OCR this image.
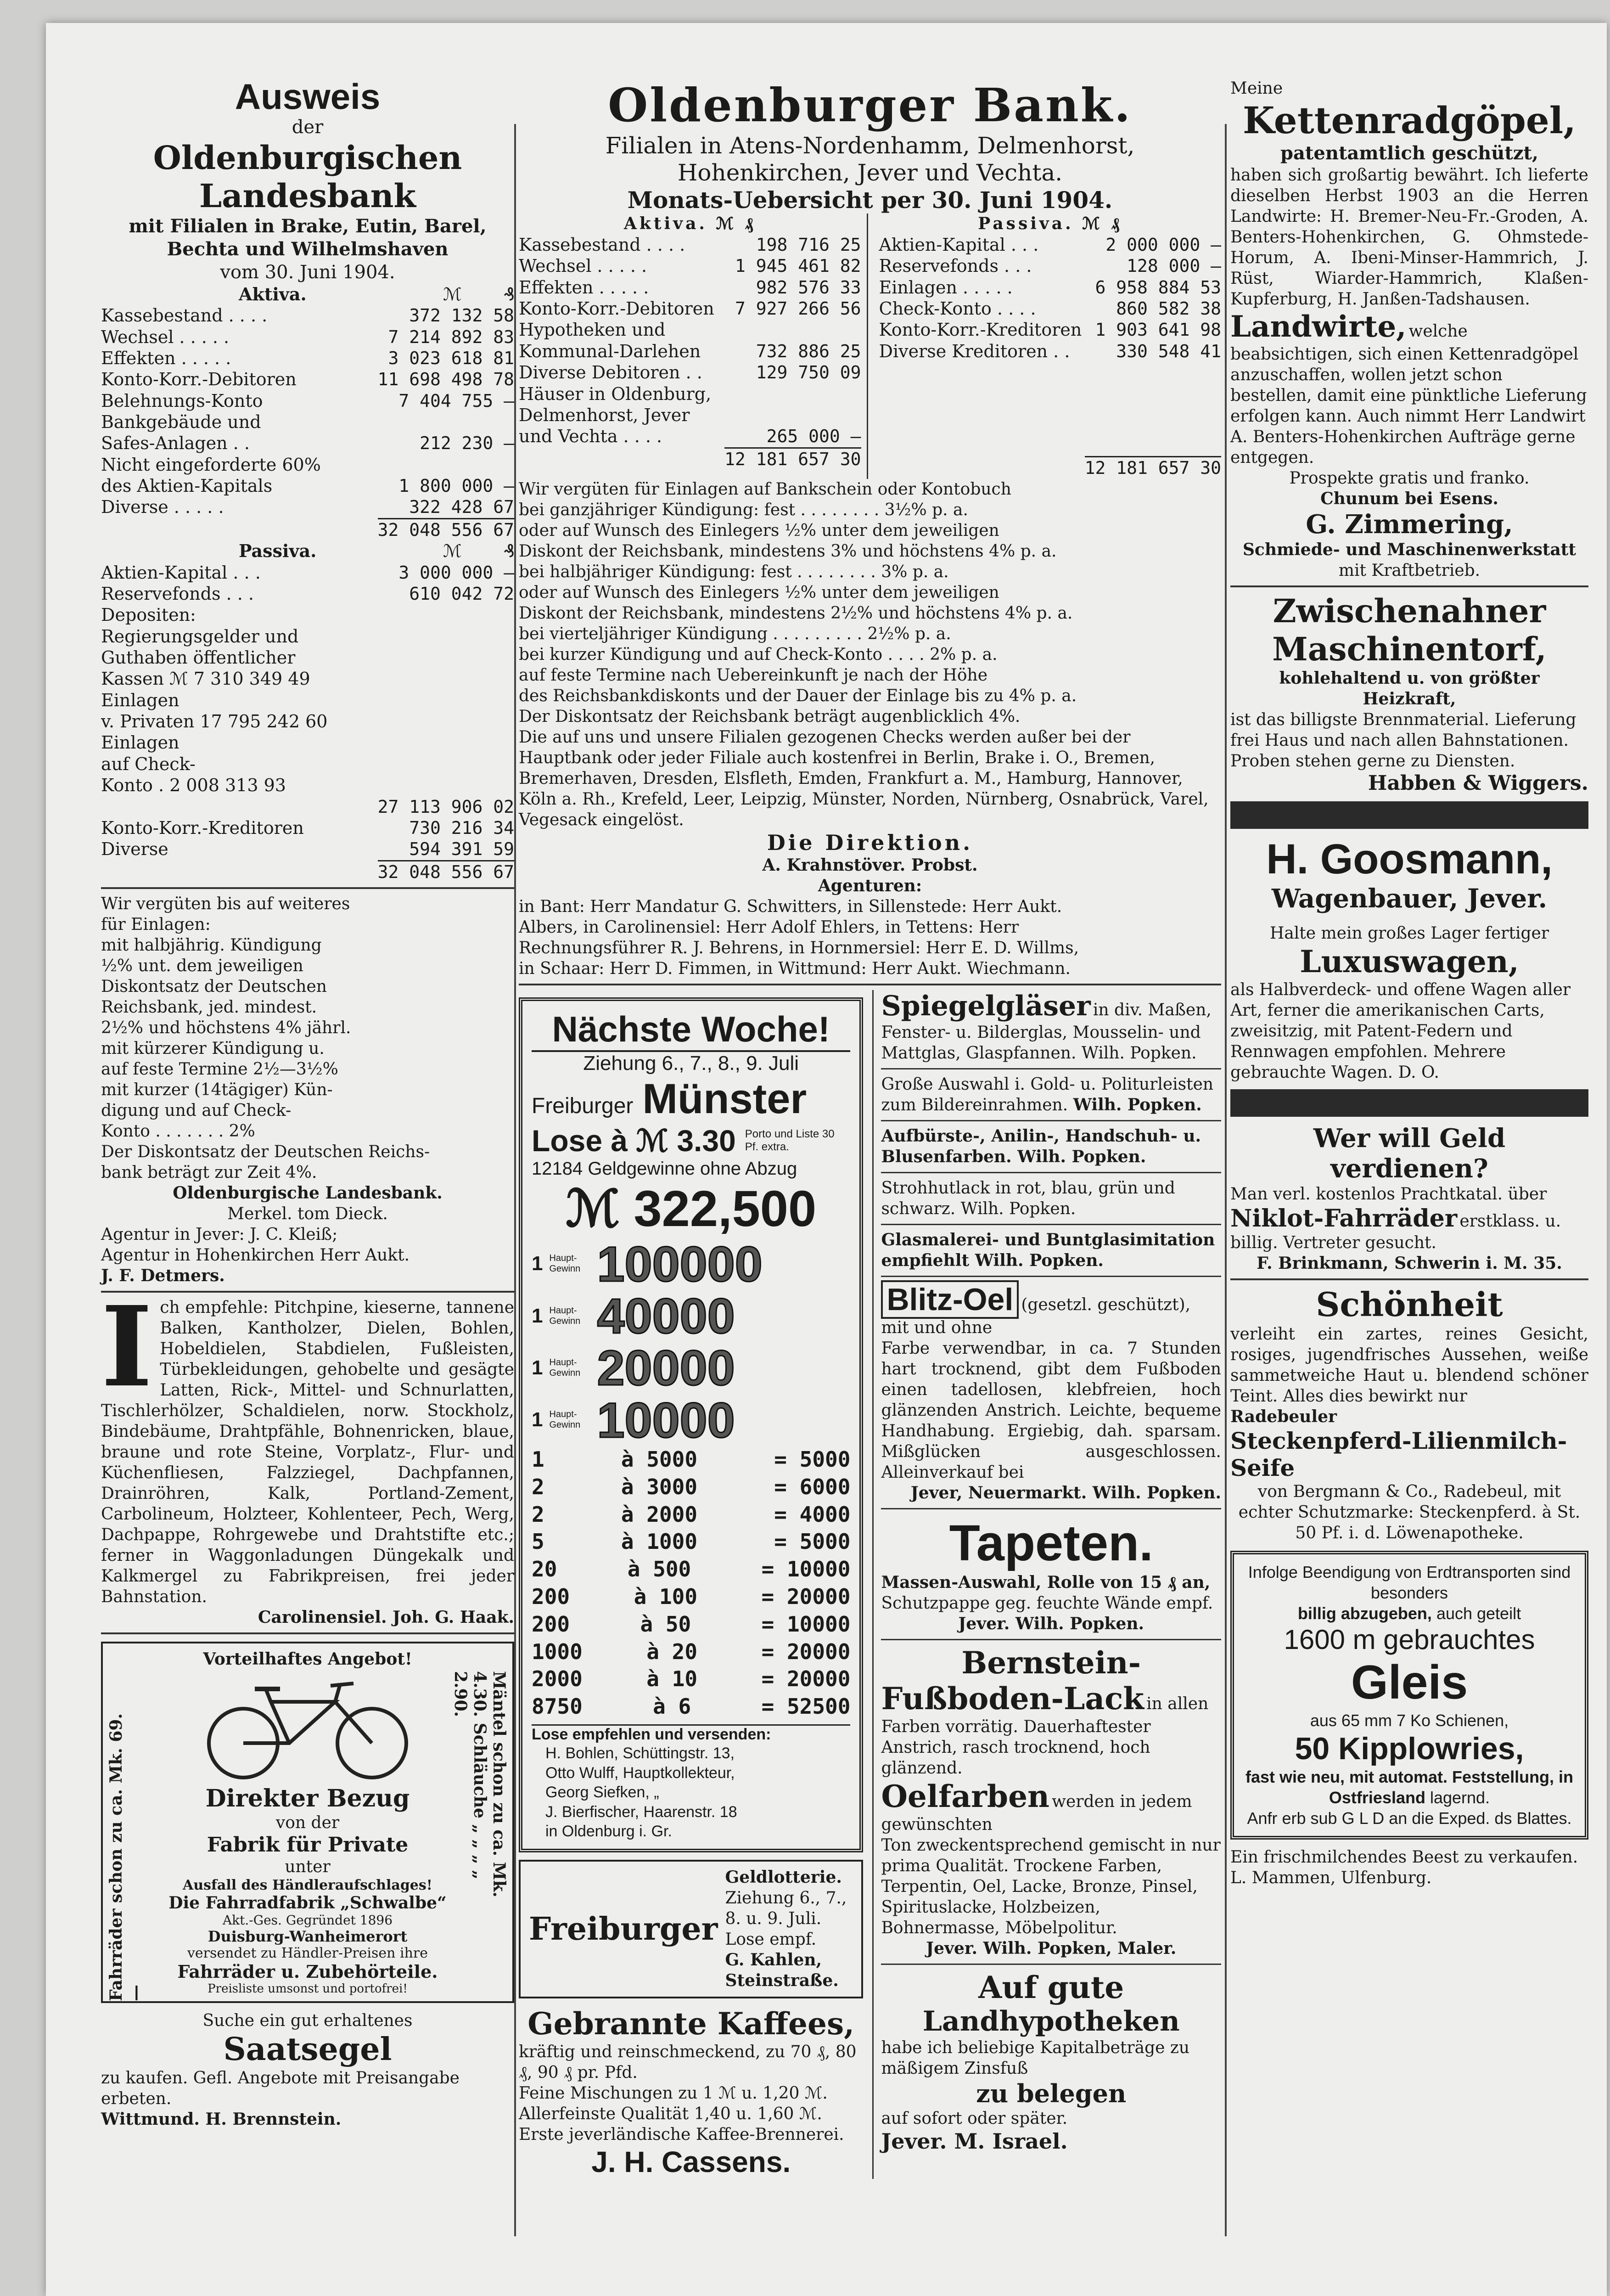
Ausweis
der
Oldenburgischen Landesbank
mit Filialen in Brake, Eutin, Barel, Bechta und Wilhelmshaven
vom 30. Juni 1904.
Aktiva.	ℳ    ₰
Kassebestand . . . .	372 132 58
Wechsel . . . . .	7 214 892 83
Effekten . . . . .	3 023 618 81
Konto-Korr.-Debitoren	11 698 498 78
Belehnungs-Konto	7 404 755 —
Bankgebäude und
Safes-Anlagen . .	212 230 —
Nicht eingeforderte 60%
des Aktien-Kapitals	1 800 000 —
Diverse . . . . .	322 428 67
32 048 556 67
Passiva.	ℳ    ₰
Aktien-Kapital . . .	3 000 000 —
Reservefonds . . .	610 042 72
Depositen:
Regierungsgelder und
Guthaben öffentlicher
Kassen ℳ 7 310 349 49
Einlagen
v. Privaten 17 795 242 60
Einlagen
auf Check-
Konto . 2 008 313 93
27 113 906 02
Konto-Korr.-Kreditoren	730 216 34
Diverse	594 391 59
32 048 556 67
Wir vergüten bis auf weiteres
für Einlagen:
mit halbjährig. Kündigung
½% unt. dem jeweiligen
Diskontsatz der Deutschen
Reichsbank, jed. mindest.
2½% und höchstens 4% jährl.
mit kürzerer Kündigung u.
auf feste Termine 2½—3½%
mit kurzer (14tägiger) Kün-
digung und auf Check-
Konto . . . . . . . 2%
Der Diskontsatz der Deutschen Reichs-
bank beträgt zur Zeit 4%.
Oldenburgische Landesbank.
Merkel. tom Dieck.
Agentur in Jever: J. C. Kleiß;
Agentur in Hohenkirchen Herr Aukt.
J. F. Detmers.
I ch empfehle: Pitchpine, kieserne, tannene Balken, Kantholzer, Dielen, Bohlen, Hobeldielen, Stabdielen, Fußleisten, Türbekleidungen, gehobelte und gesägte Latten, Rick-, Mittel- und Schnurlatten, Tischlerhölzer, Schaldielen, norw. Stockholz, Bindebäume, Drahtpfähle, Bohnenricken, blaue, braune und rote Steine, Vorplatz-, Flur- und Küchenfliesen, Falzziegel, Dachpfannen, Drainröhren, Kalk, Portland-Zement, Carbolineum, Holzteer, Kohlenteer, Pech, Werg, Dachpappe, Rohrgewebe und Drahtstifte etc.; ferner in Waggonladungen Düngekalk und Kalkmergel zu Fabrikpreisen, frei jeder Bahnstation.
Carolinensiel. Joh. G. Haak.
Fahrräder schon zu ca. Mk. 69.—
Mäntel schon zu ca. Mk. 4.30. Schläuche „ „ „ „ 2.90.
Vorteilhaftes Angebot!
Direkter Bezug
von der
Fabrik für Private
unter
Ausfall des Händleraufschlages!
Die Fahrradfabrik „Schwalbe“
Akt.-Ges. Gegründet 1896
Duisburg-Wanheimerort
versendet zu Händler-Preisen ihre
Fahrräder u. Zubehörteile.
Preisliste umsonst und portofrei!
Suche ein gut erhaltenes
Saatsegel
zu kaufen. Gefl. Angebote mit Preisangabe erbeten.
Wittmund. H. Brennstein.
Oldenburger Bank.
Filialen in Atens-Nordenhamm, Delmenhorst, Hohenkirchen, Jever und Vechta.
Monats-Uebersicht per 30. Juni 1904.
Aktiva. ℳ ₰
Kassebestand . . . .	198 716 25
Wechsel . . . . .	1 945 461 82
Effekten . . . . .	982 576 33
Konto-Korr.-Debitoren	7 927 266 56
Hypotheken und
Kommunal-Darlehen	732 886 25
Diverse Debitoren . .	129 750 09
Häuser in Oldenburg,
Delmenhorst, Jever
und Vechta . . . .	265 000 —
12 181 657 30
Passiva. ℳ ₰
Aktien-Kapital . . .	2 000 000 —
Reservefonds . . .	128 000 —
Einlagen . . . . .	6 958 884 53
Check-Konto . . . .	860 582 38
Konto-Korr.-Kreditoren 1 903 641 98
Diverse Kreditoren . .	330 548 41
12 181 657 30
Wir vergüten für Einlagen auf Bankschein oder Kontobuch
bei ganzjähriger Kündigung: fest . . . . . . . . 3½% p. a.
oder auf Wunsch des Einlegers ½% unter dem jeweiligen
Diskont der Reichsbank, mindestens 3% und höchstens 4% p. a.
bei halbjähriger Kündigung: fest . . . . . . . . 3% p. a.
oder auf Wunsch des Einlegers ½% unter dem jeweiligen
Diskont der Reichsbank, mindestens 2½% und höchstens 4% p. a.
bei vierteljähriger Kündigung . . . . . . . . . 2½% p. a.
bei kurzer Kündigung und auf Check-Konto . . . . 2% p. a.
auf feste Termine nach Uebereinkunft je nach der Höhe
des Reichsbankdiskonts und der Dauer der Einlage bis zu 4% p. a.
Der Diskontsatz der Reichsbank beträgt augenblicklich 4%.
Die auf uns und unsere Filialen gezogenen Checks werden außer bei der Hauptbank oder jeder Filiale auch kostenfrei in Berlin, Brake i. O., Bremen, Bremerhaven, Dresden, Elsfleth, Emden, Frankfurt a. M., Hamburg, Hannover, Köln a. Rh., Krefeld, Leer, Leipzig, Münster, Norden, Nürnberg, Osnabrück, Varel, Vegesack eingelöst.
Die Direktion.
A. Krahnstöver. Probst.
Agenturen:
in Bant: Herr Mandatur G. Schwitters, in Sillenstede: Herr Aukt.
Albers, in Carolinensiel: Herr Adolf Ehlers, in Tettens: Herr
Rechnungsführer R. J. Behrens, in Hornmersiel: Herr E. D. Willms,
in Schaar: Herr D. Fimmen, in Wittmund: Herr Aukt. Wiechmann.
Nächste Woche!
Ziehung 6., 7., 8., 9. Juli
Freiburger Münster
Lose à ℳ 3.30 Porto und Liste 30 Pf. extra.
12184 Geldgewinne ohne Abzug
ℳ 322,500
1 Haupt-Gewinn 100000
1 Haupt-Gewinn 40000
1 Haupt-Gewinn 20000
1 Haupt-Gewinn 10000
1	à 5000	= 5000
2	à 3000	= 6000
2	à 2000	= 4000
5	à 1000	= 5000
20	à 500	= 10000
200	à 100	= 20000
200	à 50	= 10000
1000	à 20	= 20000
2000	à 10	= 20000
8750	à 6	= 52500
Lose empfehlen und versenden:
H. Bohlen, Schüttingstr. 13,
Otto Wulff, Hauptkollekteur,
Georg Siefken, „
J. Bierfischer, Haarenstr. 18
in Oldenburg i. Gr.
Freiburger
Geldlotterie.
Ziehung 6., 7., 8. u. 9. Juli. Lose empf.
G. Kahlen, Steinstraße.
Gebrannte Kaffees,
kräftig und reinschmeckend, zu 70 ₰, 80 ₰, 90 ₰ pr. Pfd.
Feine Mischungen zu 1 ℳ u. 1,20 ℳ.
Allerfeinste Qualität 1,40 u. 1,60 ℳ.
Erste jeverländische Kaffee-Brennerei.
J. H. Cassens.
Spiegelgläser in div. Maßen, Fenster- u. Bilderglas, Mousselin- und Mattglas, Glaspfannen. Wilh. Popken.
Große Auswahl i. Gold- u. Politurleisten zum Bildereinrahmen. Wilh. Popken.
Aufbürste-, Anilin-, Handschuh- u. Blusenfarben. Wilh. Popken.
Strohhutlack in rot, blau, grün und schwarz. Wilh. Popken.
Glasmalerei- und Buntglasimitation empfiehlt Wilh. Popken.
Blitz-Oel (gesetzl. geschützt), mit und ohne
Farbe verwendbar, in ca. 7 Stunden hart trocknend, gibt dem Fußboden einen tadellosen, klebfreien, hoch glänzenden Anstrich. Leichte, bequeme Handhabung. Ergiebig, dah. sparsam. Mißglücken ausgeschlossen. Alleinverkauf bei
Jever, Neuermarkt. Wilh. Popken.
Tapeten.
Massen-Auswahl, Rolle von 15 ₰ an,
Schutzpappe geg. feuchte Wände empf.
Jever. Wilh. Popken.
Bernstein-
Fußboden-Lack in allen
Farben vorrätig. Dauerhaftester Anstrich, rasch trocknend, hoch glänzend.
Oelfarben werden in jedem gewünschten
Ton zweckentsprechend gemischt in nur prima Qualität. Trockene Farben, Terpentin, Oel, Lacke, Bronze, Pinsel, Spirituslacke, Holzbeizen, Bohnermasse, Möbelpolitur.
Jever. Wilh. Popken, Maler.
Auf gute
Landhypotheken
habe ich beliebige Kapitalbeträge zu mäßigem Zinsfuß
zu belegen
auf sofort oder später.
Jever. M. Israel.
Meine
Kettenradgöpel,
patentamtlich geschützt,
haben sich großartig bewährt. Ich lieferte dieselben Herbst 1903 an die Herren Landwirte: H. Bremer-Neu-Fr.-Groden, A. Benters-Hohenkirchen, G. Ohmstede-Horum, A. Ibeni-Minser-Hammrich, J. Rüst, Wiarder-Hammrich, Klaßen-Kupferburg, H. Janßen-Tadshausen.
Landwirte, welche beabsichtigen, sich einen Kettenradgöpel anzuschaffen, wollen jetzt schon bestellen, damit eine pünktliche Lieferung erfolgen kann. Auch nimmt Herr Landwirt A. Benters-Hohenkirchen Aufträge gerne entgegen.
Prospekte gratis und franko.
Chunum bei Esens.
G. Zimmering,
Schmiede- und Maschinenwerkstatt
mit Kraftbetrieb.
Zwischenahner
Maschinentorf,
kohlehaltend u. von größter Heizkraft,
ist das billigste Brennmaterial. Lieferung frei Haus und nach allen Bahnstationen. Proben stehen gerne zu Diensten.
Habben & Wiggers.
H. Goosmann,
Wagenbauer, Jever.
Halte mein großes Lager fertiger
Luxuswagen,
als Halbverdeck- und offene Wagen aller Art, ferner die amerikanischen Carts, zweisitzig, mit Patent-Federn und Rennwagen empfohlen. Mehrere gebrauchte Wagen. D. O.
Wer will Geld verdienen?
Man verl. kostenlos Prachtkatal. über
Niklot-Fahrräder erstklass. u. billig. Vertreter gesucht.
F. Brinkmann, Schwerin i. M. 35.
Schönheit
verleiht ein zartes, reines Gesicht, rosiges, jugendfrisches Aussehen, weiße sammetweiche Haut u. blendend schöner Teint. Alles dies bewirkt nur
Radebeuler
Steckenpferd-Lilienmilch-Seife
von Bergmann & Co., Radebeul, mit echter Schutzmarke: Steckenpferd. à St. 50 Pf. i. d. Löwenapotheke.
Infolge Beendigung von Erdtransporten sind besonders
billig abzugeben, auch geteilt
1600 m gebrauchtes
Gleis
aus 65 mm 7 Ko Schienen,
50 Kipplowries,
fast wie neu, mit automat. Feststellung, in
Ostfriesland lagernd.
Anfr erb sub G L D an die Exped. ds Blattes.
Ein frischmilchendes Beest zu verkaufen. L. Mammen, Ulfenburg.
